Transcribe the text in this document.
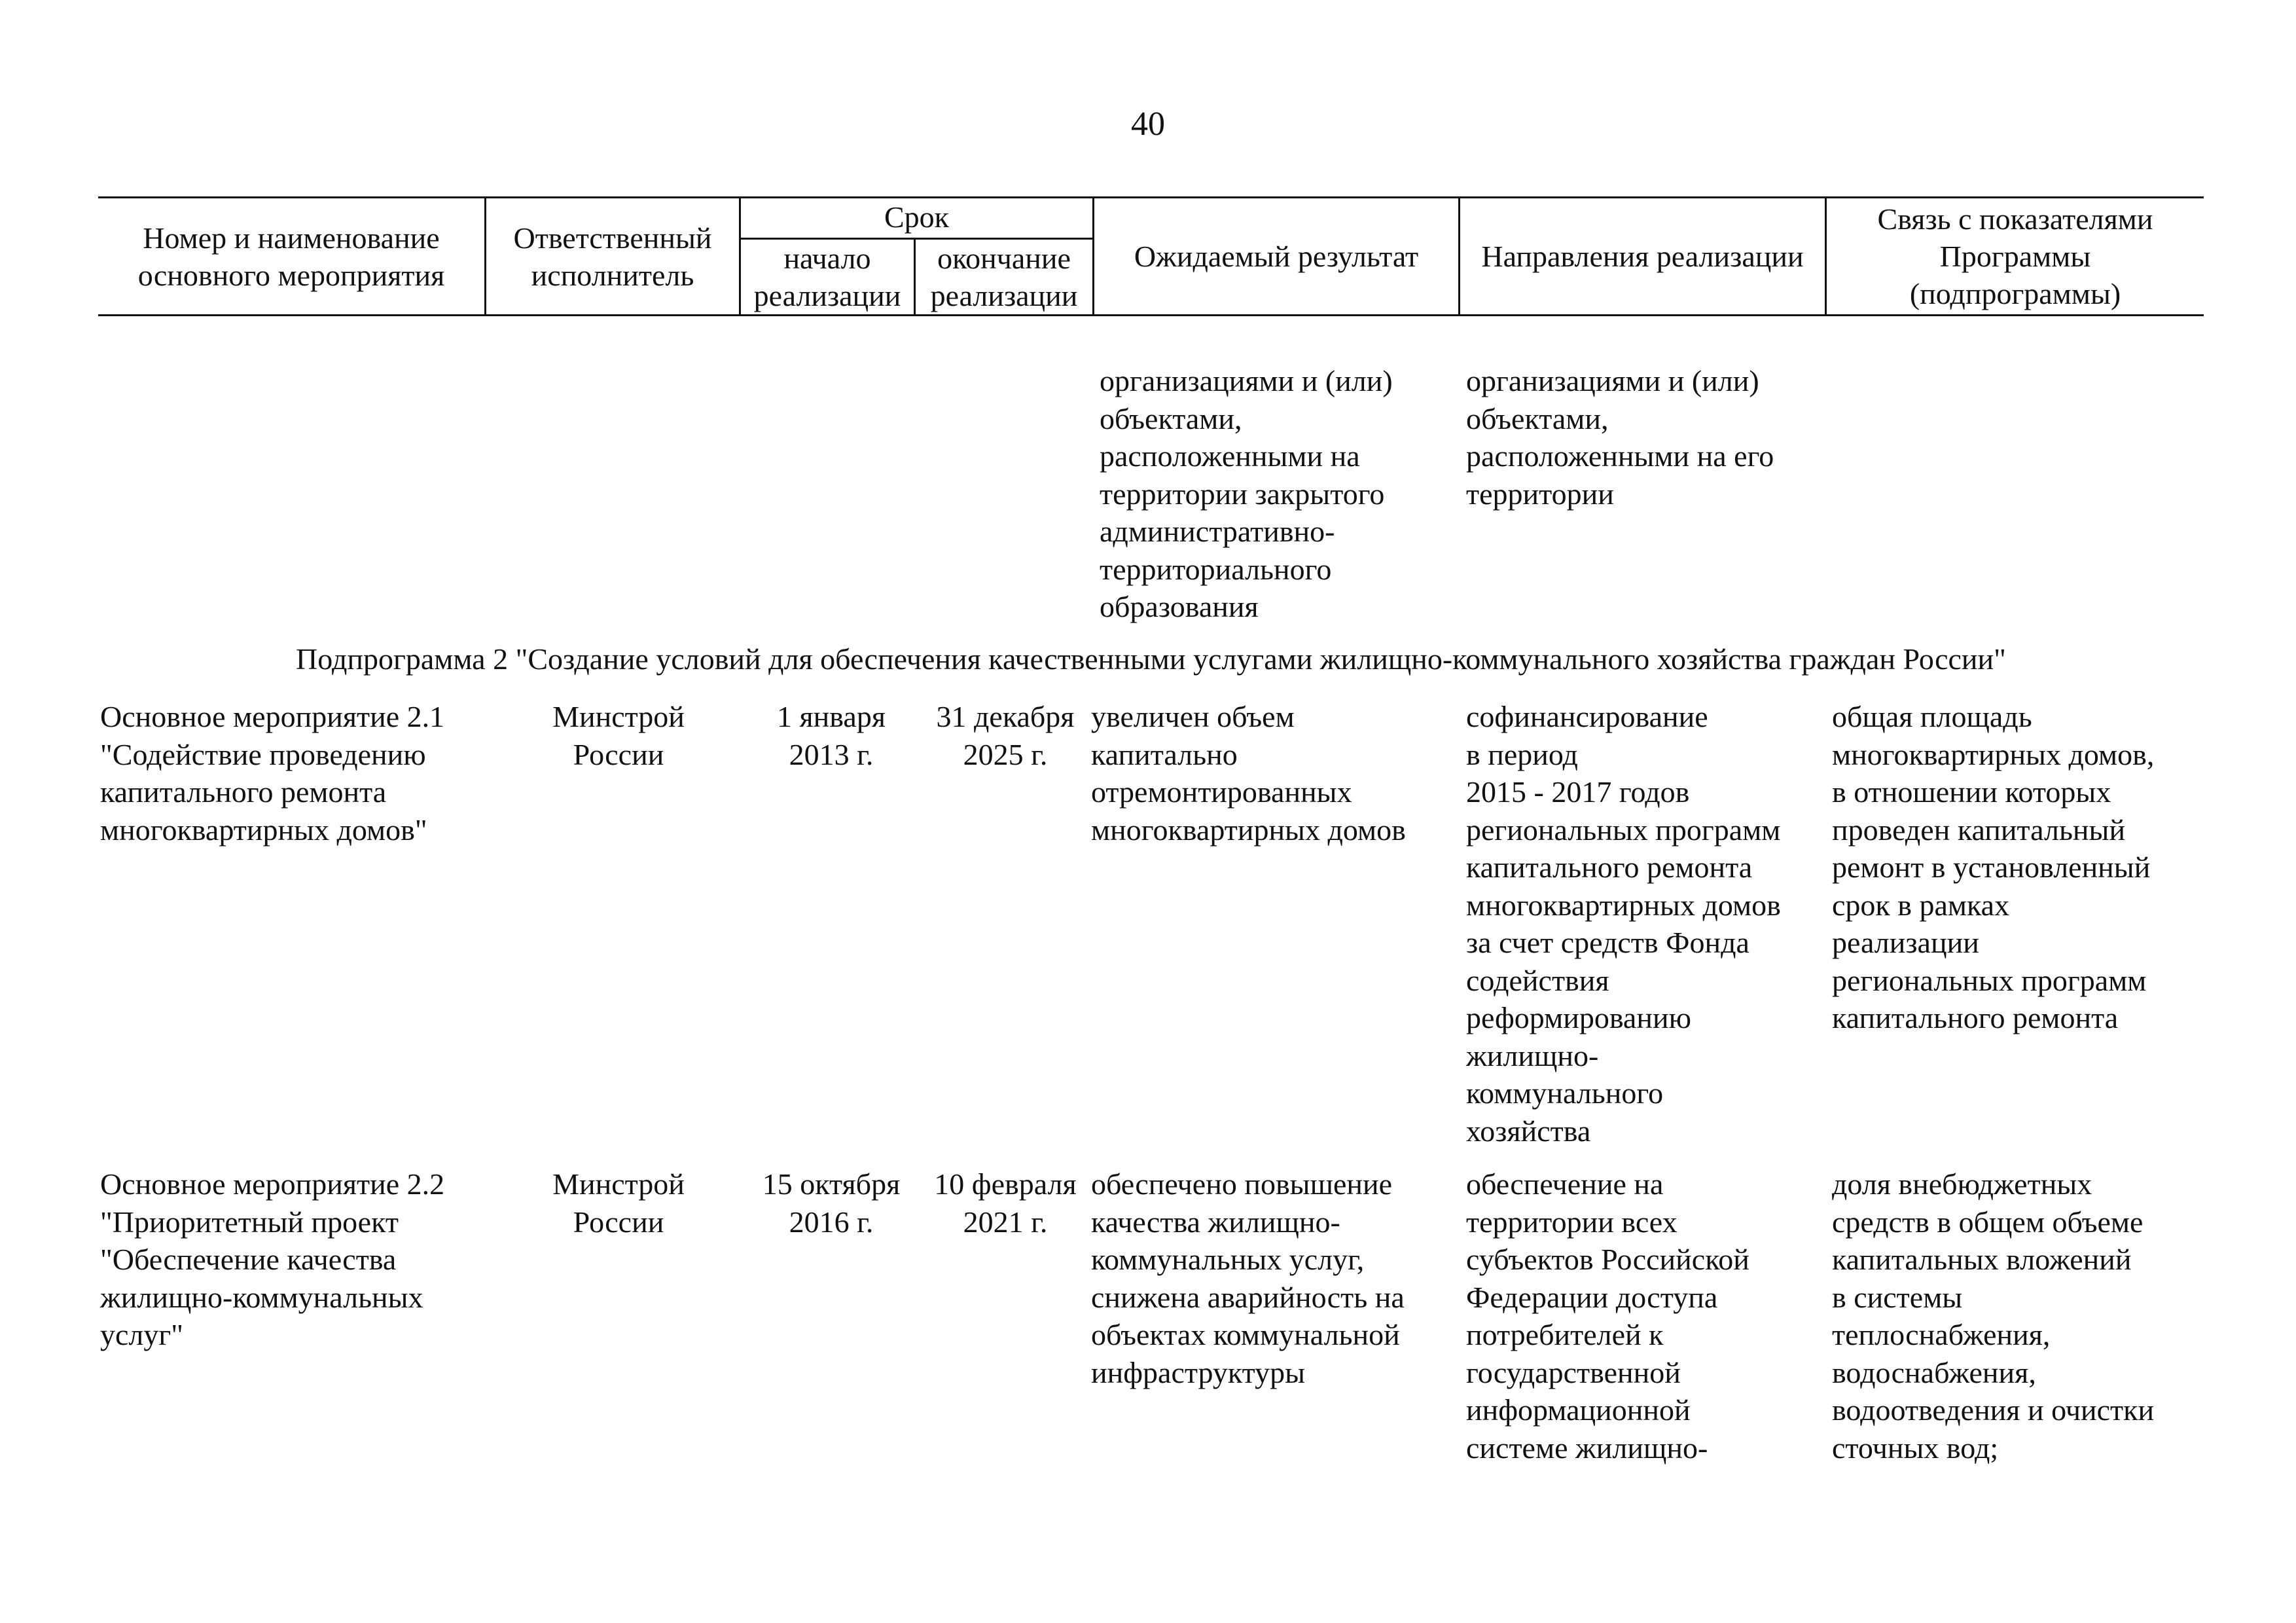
40
Номер и наименование
основного мероприятия
Ответственный
исполнитель
Срок
начало
реализации
окончание
реализации
Ожидаемый результат	Направления реализации
Связь с показателями
Программы
(подпрограммы)
организациями и (или)
объектами,
расположенными на
территории закрытого
административно-
территориального
образования
организациями и (или)
объектами,
расположенными на его
территории
Подпрограмма 2 "Создание условий для обеспечения качественными услугами жилищно-коммунального хозяйства граждан России"
Основное мероприятие 2.1
"Содействие проведению
капитального ремонта
многоквартирных домов"
Минстрой
России
1 января
2013 г.
31 декабря
2025 г.
увеличен объем
капитально
отремонтированных
многоквартирных домов
софинансирование
в период
2015 - 2017 годов
региональных программ
капитального ремонта
многоквартирных домов
за счет средств Фонда
содействия
реформированию
жилищно-
коммунального
хозяйства
общая площадь
многоквартирных домов,
в отношении которых
проведен капитальный
ремонт в установленный
срок в рамках
реализации
региональных программ
капитального ремонта
Основное мероприятие 2.2
"Приоритетный проект
"Обеспечение качества
жилищно-коммунальных
услуг"
Минстрой
России
15 октября
2016 г.
10 февраля
2021 г.
обеспечено повышение
качества жилищно-
коммунальных услуг,
снижена аварийность на
объектах коммунальной
инфраструктуры
обеспечение на
территории всех
субъектов Российской
Федерации доступа
потребителей к
государственной
информационной
системе жилищно-
доля внебюджетных
средств в общем объеме
капитальных вложений
в системы
теплоснабжения,
водоснабжения,
водоотведения и очистки
сточных вод;
